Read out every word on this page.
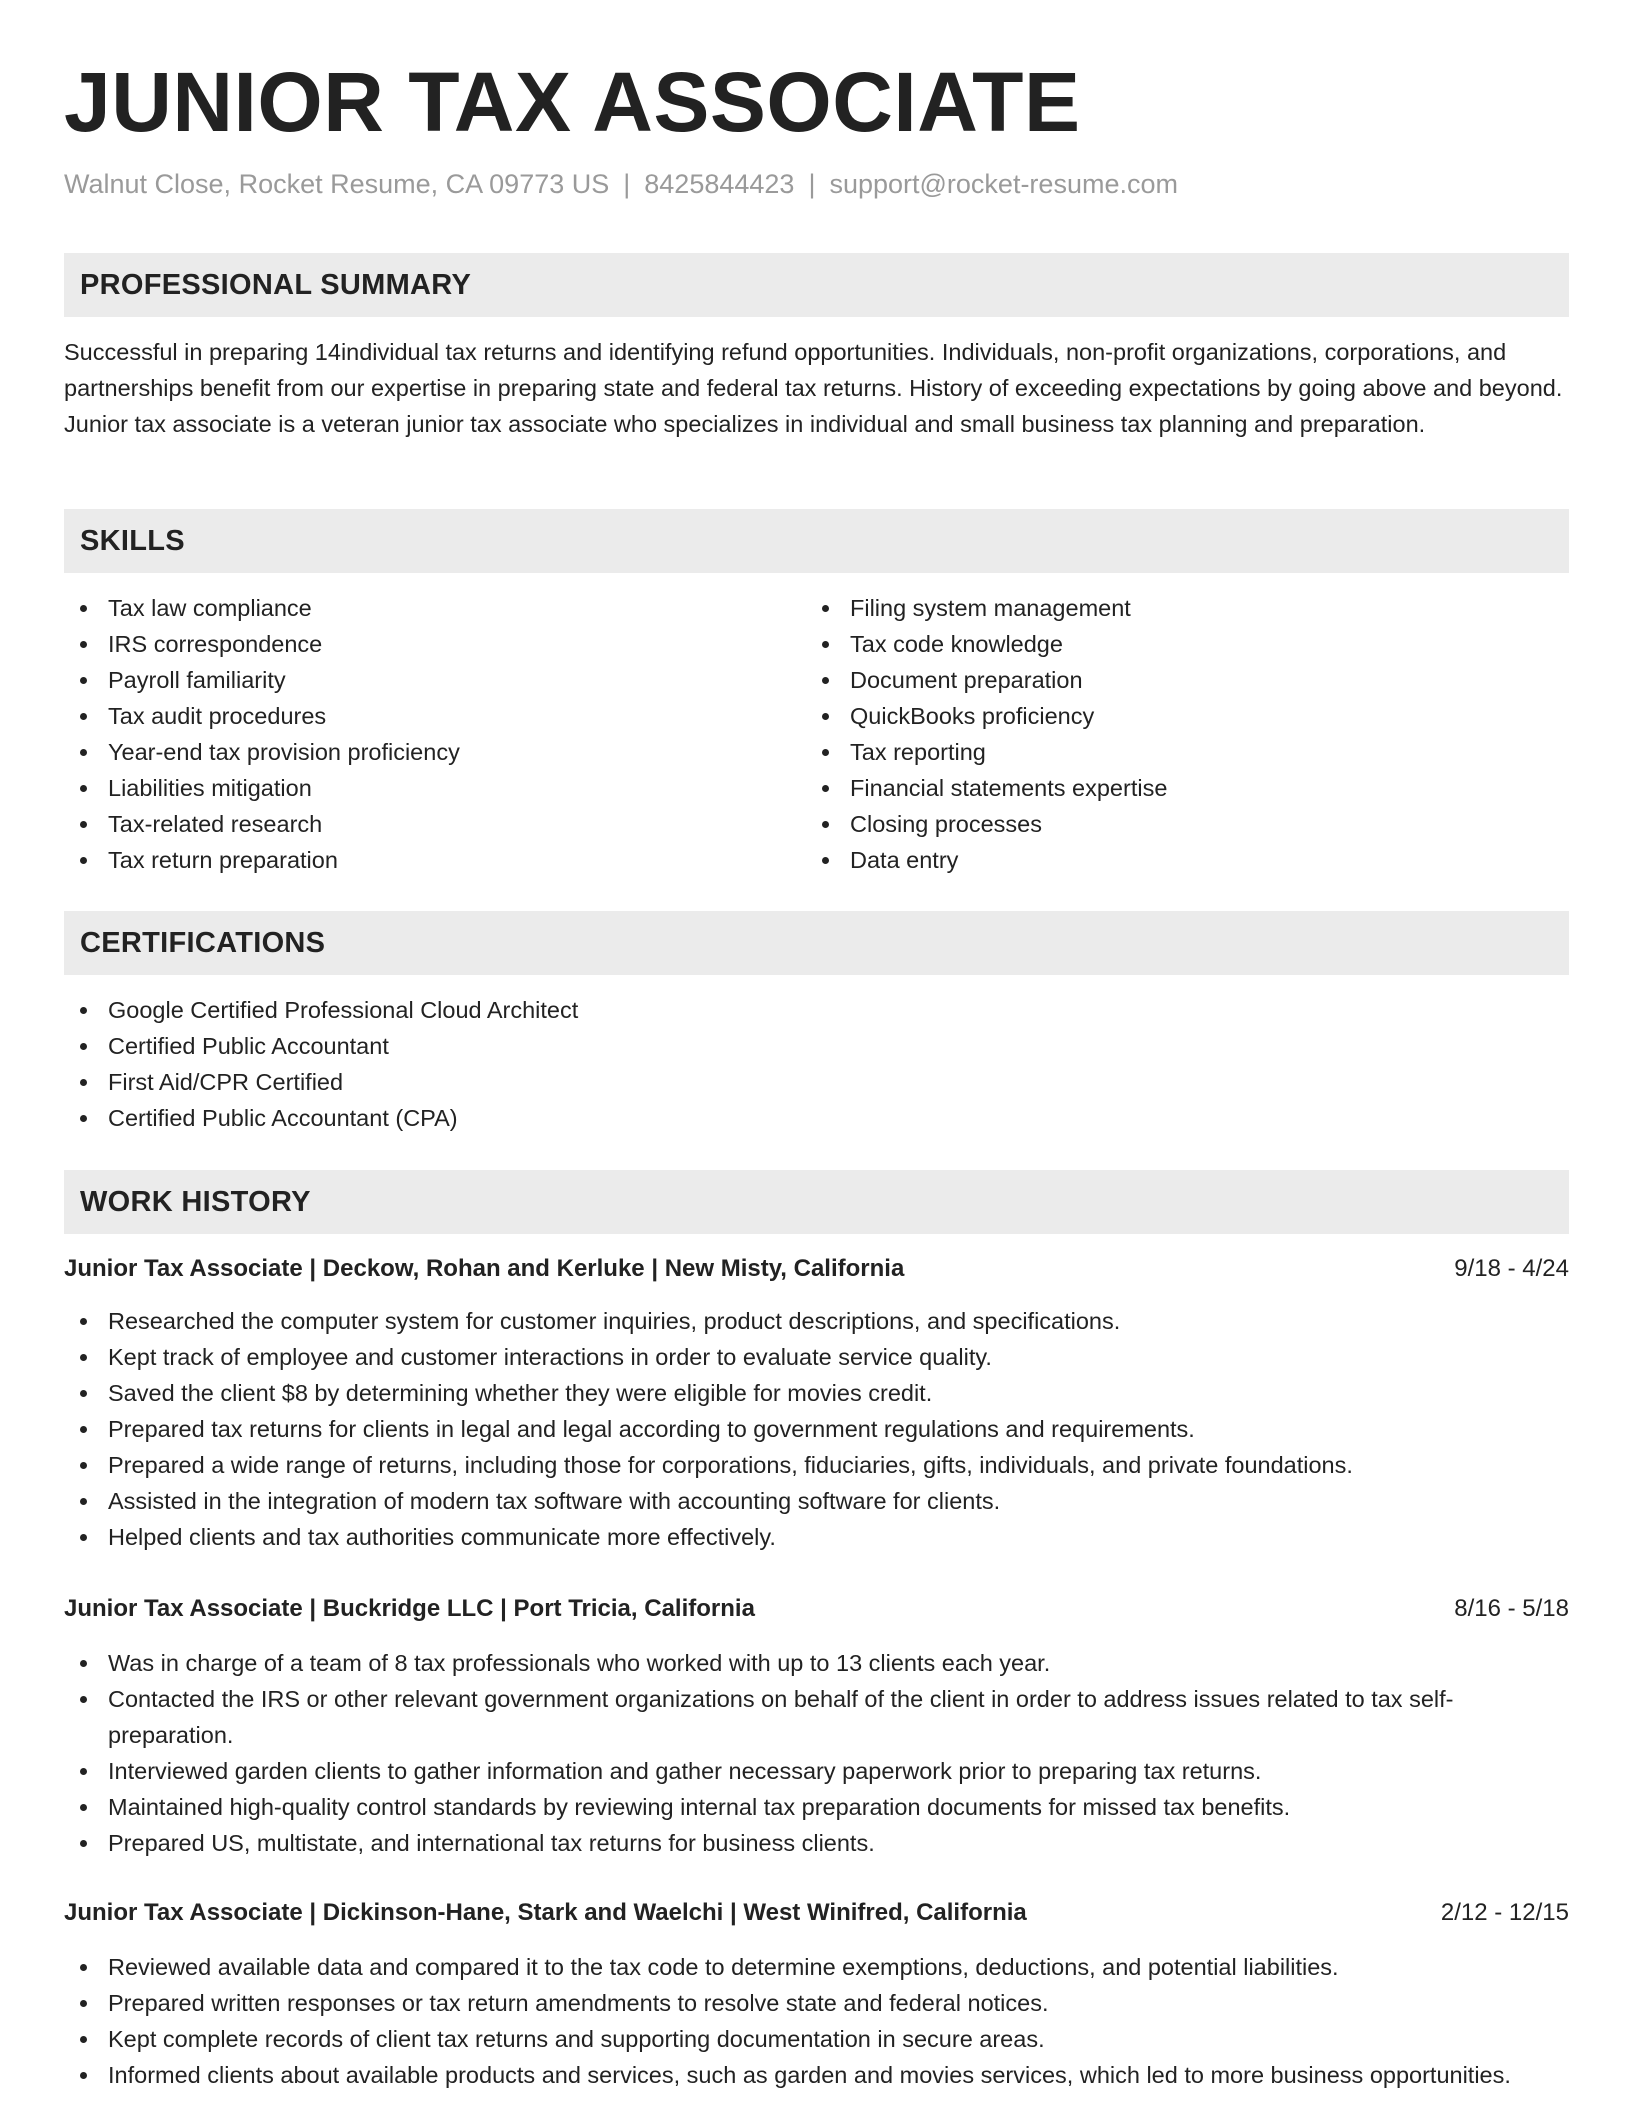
JUNIOR TAX ASSOCIATE
Walnut Close, Rocket Resume, CA 09773 US | 8425844423 | support@rocket-resume.com
PROFESSIONAL SUMMARY

Successful in preparing 14individual tax returns and identifying refund opportunities. Individuals, non-profit organizations, corporations, and partnerships benefit from our expertise in preparing state and federal tax returns. History of exceeding expectations by going above and beyond. Junior tax associate is a veteran junior tax associate who specializes in individual and small business tax planning and preparation.

SKILLS
Tax law compliance
IRS correspondence
Payroll familiarity
Tax audit procedures
Year-end tax provision proficiency
Liabilities mitigation
Tax-related research
Tax return preparation
Filing system management
Tax code knowledge
Document preparation
QuickBooks proficiency
Tax reporting
Financial statements expertise
Closing processes
Data entry
CERTIFICATIONS
Google Certified Professional Cloud Architect
Certified Public Accountant
First Aid/CPR Certified
Certified Public Accountant (CPA)
WORK HISTORY
Junior Tax Associate | Deckow, Rohan and Kerluke | New Misty, California	9/18 - 4/24
Researched the computer system for customer inquiries, product descriptions, and specifications.
Kept track of employee and customer interactions in order to evaluate service quality.
Saved the client $8 by determining whether they were eligible for movies credit.
Prepared tax returns for clients in legal and legal according to government regulations and requirements.
Prepared a wide range of returns, including those for corporations, fiduciaries, gifts, individuals, and private foundations.
Assisted in the integration of modern tax software with accounting software for clients.
Helped clients and tax authorities communicate more effectively.
Junior Tax Associate | Buckridge LLC | Port Tricia, California	8/16 - 5/18
Was in charge of a team of 8 tax professionals who worked with up to 13 clients each year.
Contacted the IRS or other relevant government organizations on behalf of the client in order to address issues related to tax self-preparation.
Interviewed garden clients to gather information and gather necessary paperwork prior to preparing tax returns.
Maintained high-quality control standards by reviewing internal tax preparation documents for missed tax benefits.
Prepared US, multistate, and international tax returns for business clients.
Junior Tax Associate | Dickinson-Hane, Stark and Waelchi | West Winifred, California	2/12 - 12/15
Reviewed available data and compared it to the tax code to determine exemptions, deductions, and potential liabilities.
Prepared written responses or tax return amendments to resolve state and federal notices.
Kept complete records of client tax returns and supporting documentation in secure areas.
Informed clients about available products and services, such as garden and movies services, which led to more business opportunities.
